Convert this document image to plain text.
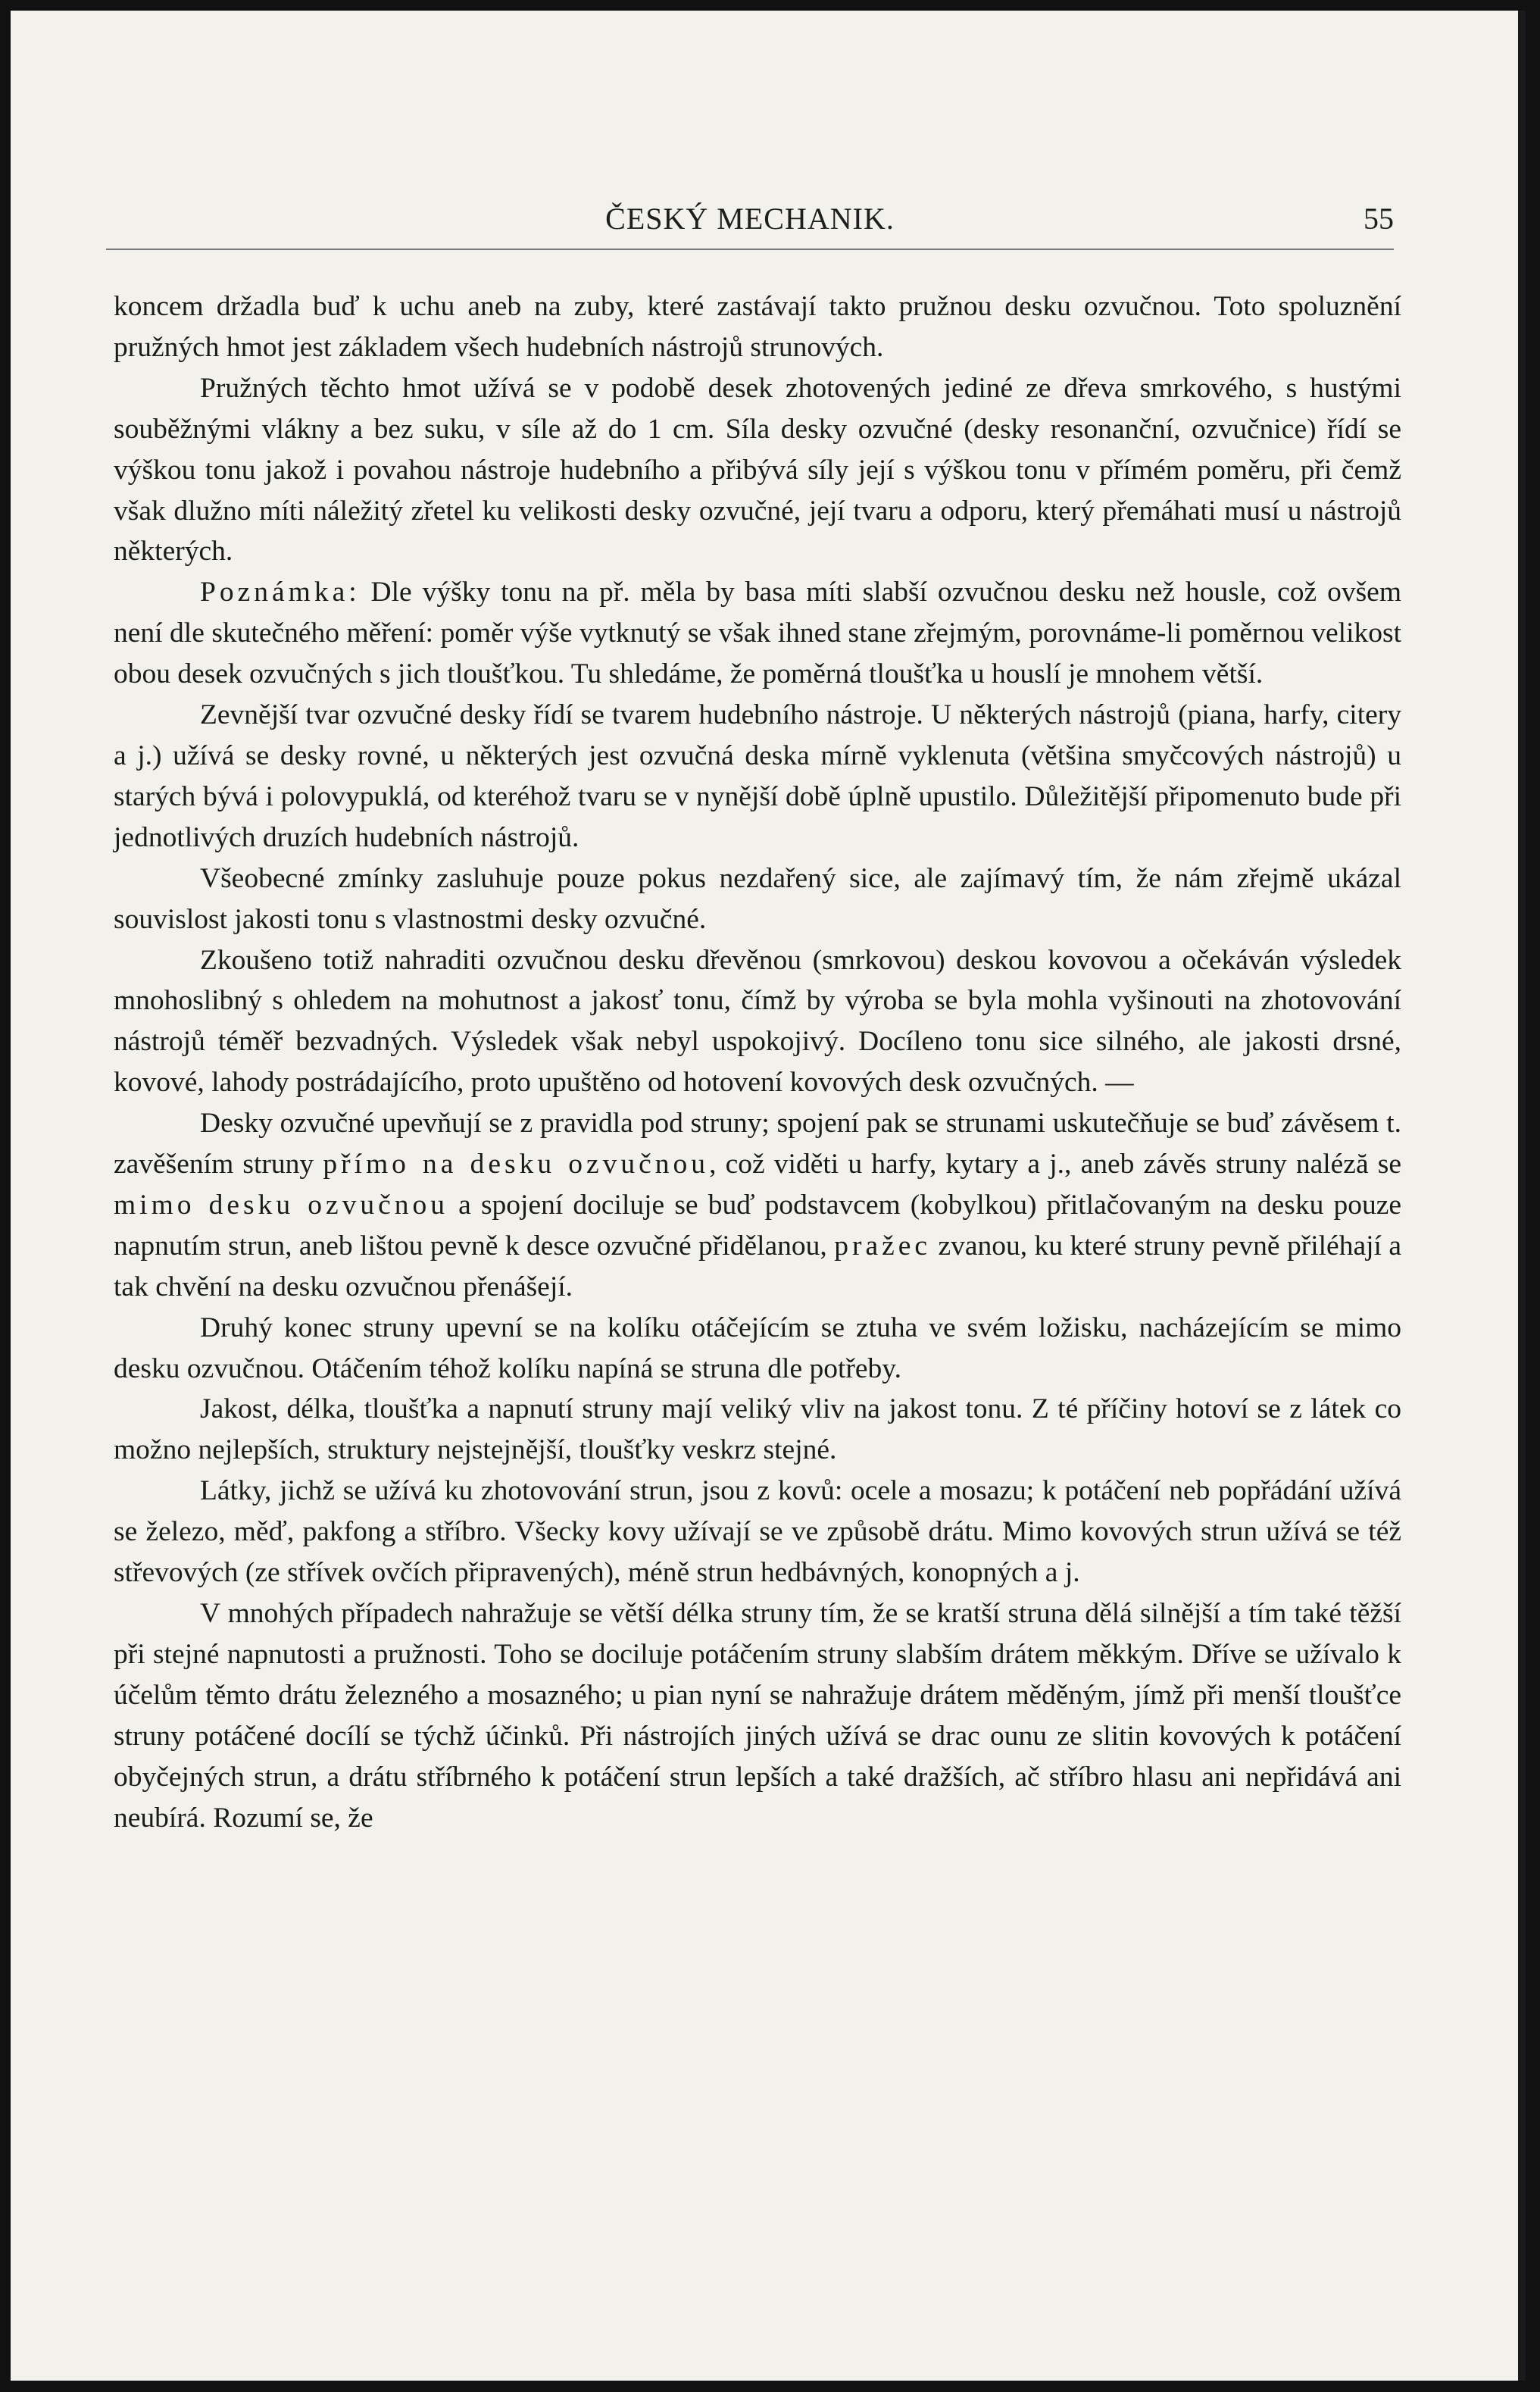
ČESKÝ MECHANIK.	55

koncem držadla buď k uchu aneb na zuby, které zastávají takto pružnou desku ozvučnou. Toto spoluznění pružných hmot jest základem všech hudebních nástrojů strunových.

Pružných těchto hmot užívá se v podobě desek zhotovených jediné ze dřeva smrkového, s hustými souběžnými vlákny a bez suku, v síle až do 1 cm. Síla desky ozvučné (desky resonanční, ozvučnice) řídí se výškou tonu jakož i povahou nástroje hudebního a přibývá síly její s výškou tonu v přímém poměru, při čemž však dlužno míti náležitý zřetel ku velikosti desky ozvučné, její tvaru a odporu, který přemáhati musí u nástrojů některých.

Poznámka: Dle výšky tonu na př. měla by basa míti slabší ozvučnou desku než housle, což ovšem není dle skutečného měření: poměr výše vytknutý se však ihned stane zřejmým, porovnáme-li poměrnou velikost obou desek ozvučných s jich tloušťkou. Tu shledáme, že poměrná tloušťka u houslí je mnohem větší.

Zevnější tvar ozvučné desky řídí se tvarem hudebního nástroje. U některých nástrojů (piana, harfy, citery a j.) užívá se desky rovné, u některých jest ozvučná deska mírně vyklenuta (většina smyčcových nástrojů) u starých bývá i polovypuklá, od kteréhož tvaru se v nynější době úplně upustilo. Důležitější připomenuto bude při jednotlivých druzích hudebních nástrojů.

Všeobecné zmínky zasluhuje pouze pokus nezdařený sice, ale zajímavý tím, že nám zřejmě ukázal souvislost jakosti tonu s vlastnostmi desky ozvučné.

Zkoušeno totiž nahraditi ozvučnou desku dřevěnou (smrkovou) deskou kovovou a očekáván výsledek mnohoslibný s ohledem na mohutnost a jakosť tonu, čímž by výroba se byla mohla vyšinouti na zhotovování nástrojů téměř bezvadných. Výsledek však nebyl uspokojivý. Docíleno tonu sice silného, ale jakosti drsné, kovové, lahody postrádajícího, proto upuštěno od hotovení kovových desk ozvučných. —

Desky ozvučné upevňují se z pravidla pod struny; spojení pak se strunami uskutečňuje se buď závěsem t. zavěšením struny přímo na desku ozvučnou, což viděti u harfy, kytary a j., aneb závěs struny naléză se mimo desku ozvučnou a spojení dociluje se buď podstavcem (kobylkou) přitlačovaným na desku pouze napnutím strun, aneb lištou pevně k desce ozvučné přidělanou, pražec zvanou, ku které struny pevně přiléhají a tak chvění na desku ozvučnou přenášejí.

Druhý konec struny upevní se na kolíku otáčejícím se ztuha ve svém ložisku, nacházejícím se mimo desku ozvučnou. Otáčením téhož kolíku napíná se struna dle potřeby.

Jakost, délka, tloušťka a napnutí struny mají veliký vliv na jakost tonu. Z té příčiny hotoví se z látek co možno nejlepších, struktury nejstejnější, tloušťky veskrz stejné.

Látky, jichž se užívá ku zhotovování strun, jsou z kovů: ocele a mosazu; k potáčení neb popřádání užívá se železo, měď, pakfong a stříbro. Všecky kovy užívají se ve způsobě drátu. Mimo kovových strun užívá se též střevových (ze střívek ovčích připravených), méně strun hedbávných, konopných a j.

V mnohých případech nahražuje se větší délka struny tím, že se kratší struna dělá silnější a tím také těžší při stejné napnutosti a pružnosti. Toho se dociluje potáčením struny slabším drátem měkkým. Dříve se užívalo k účelům těmto drátu železného a mosazného; u pian nyní se nahražuje drátem měděným, jímž při menší tloušťce struny potáčené docílí se týchž účinků. Při nástrojích jiných užívá se drac ounu ze slitin kovových k potáčení obyčejných strun, a drátu stříbrného k potáčení strun lepších a také dražších, ač stříbro hlasu ani nepřidává ani neubírá. Rozumí se, že
